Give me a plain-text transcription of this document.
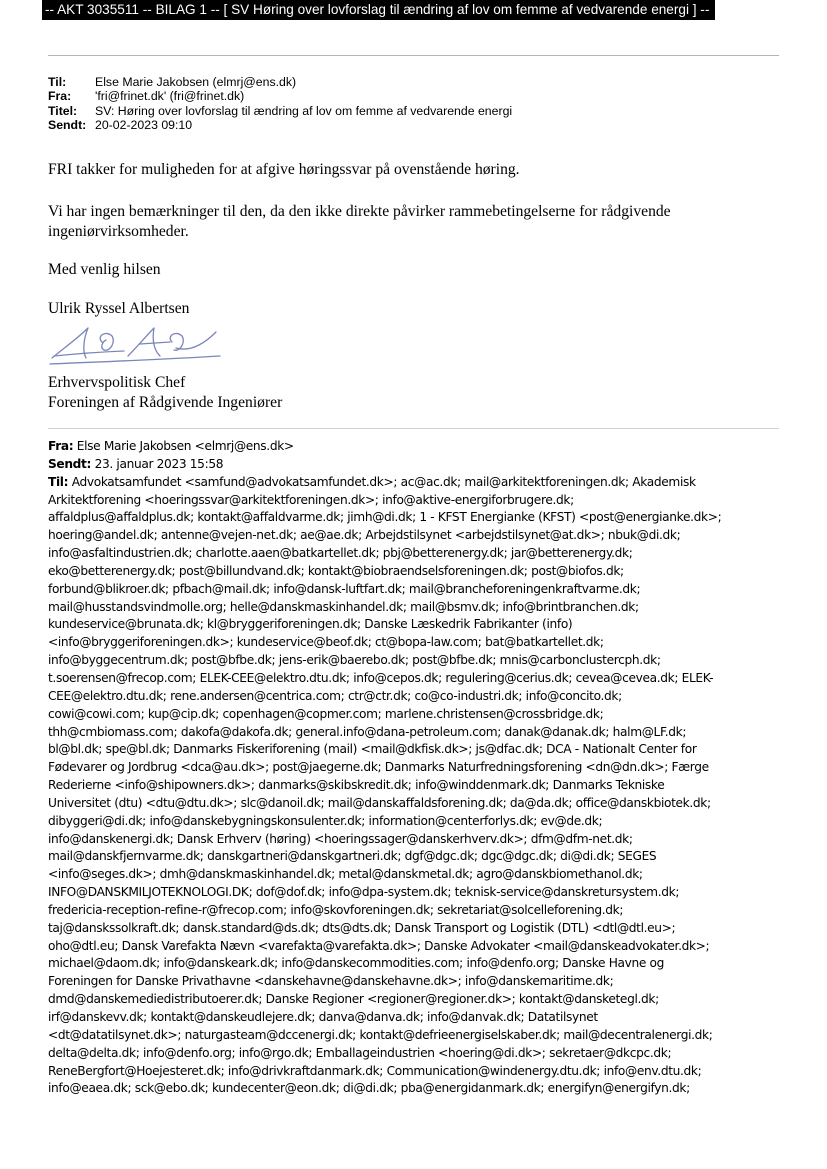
-- AKT 3035511 -- BILAG 1 -- [ SV Høring over lovforslag til ændring af lov om femme af vedvarende energi ] --
Til:	Else Marie Jakobsen (elmrj@ens.dk)
Fra:	'fri@frinet.dk' (fri@frinet.dk)
Titel:	SV: Høring over lovforslag til ændring af lov om femme af vedvarende energi
Sendt: 20-02-2023 09:10

FRI takker for muligheden for at afgive høringssvar på ovenstående høring.

Vi har ingen bemærkninger til den, da den ikke direkte påvirker rammebetingelserne for rådgivende

ingeniørvirksomheder.

Med venlig hilsen

Ulrik Ryssel Albertsen

Erhvervspolitisk Chef

Foreningen af Rådgivende Ingeniører

Fra: Else Marie Jakobsen <elmrj@ens.dk>
Sendt: 23. januar 2023 15:58
Til: Advokatsamfundet <samfund@advokatsamfundet.dk>; ac@ac.dk; mail@arkitektforeningen.dk; Akademisk
Arkitektforening <hoeringssvar@arkitektforeningen.dk>; info@aktive-energiforbrugere.dk;
affaldplus@affaldplus.dk; kontakt@affaldvarme.dk; jimh@di.dk; 1 - KFST Energianke (KFST) <post@energianke.dk>;
hoering@andel.dk; antenne@vejen-net.dk; ae@ae.dk; Arbejdstilsynet <arbejdstilsynet@at.dk>; nbuk@di.dk;
info@asfaltindustrien.dk; charlotte.aaen@batkartellet.dk; pbj@betterenergy.dk; jar@betterenergy.dk;
eko@betterenergy.dk; post@billundvand.dk; kontakt@biobraendselsforeningen.dk; post@biofos.dk;
forbund@blikroer.dk; pfbach@mail.dk; info@dansk-luftfart.dk; mail@brancheforeningenkraftvarme.dk;
mail@husstandsvindmolle.org; helle@danskmaskinhandel.dk; mail@bsmv.dk; info@brintbranchen.dk;
kundeservice@brunata.dk; kl@bryggeriforeningen.dk; Danske Læskedrik Fabrikanter (info)
<info@bryggeriforeningen.dk>; kundeservice@beof.dk; ct@bopa-law.com; bat@batkartellet.dk;
info@byggecentrum.dk; post@bfbe.dk; jens-erik@baerebo.dk; post@bfbe.dk; mnis@carbonclustercph.dk;
t.soerensen@frecop.com; ELEK-CEE@elektro.dtu.dk; info@cepos.dk; regulering@cerius.dk; cevea@cevea.dk; ELEK-
CEE@elektro.dtu.dk; rene.andersen@centrica.com; ctr@ctr.dk; co@co-industri.dk; info@concito.dk;
cowi@cowi.com; kup@cip.dk; copenhagen@copmer.com; marlene.christensen@crossbridge.dk;
thh@cmbiomass.com; dakofa@dakofa.dk; general.info@dana-petroleum.com; danak@danak.dk; halm@LF.dk;
bl@bl.dk; spe@bl.dk; Danmarks Fiskeriforening (mail) <mail@dkfisk.dk>; js@dfac.dk; DCA - Nationalt Center for
Fødevarer og Jordbrug <dca@au.dk>; post@jaegerne.dk; Danmarks Naturfredningsforening <dn@dn.dk>; Færge
Rederierne <info@shipowners.dk>; danmarks@skibskredit.dk; info@winddenmark.dk; Danmarks Tekniske
Universitet (dtu) <dtu@dtu.dk>; slc@danoil.dk; mail@danskaffaldsforening.dk; da@da.dk; office@danskbiotek.dk;
dibyggeri@di.dk; info@danskebygningskonsulenter.dk; information@centerforlys.dk; ev@de.dk;
info@danskenergi.dk; Dansk Erhverv (høring) <hoeringssager@danskerhverv.dk>; dfm@dfm-net.dk;
mail@danskfjernvarme.dk; danskgartneri@danskgartneri.dk; dgf@dgc.dk; dgc@dgc.dk; di@di.dk; SEGES
<info@seges.dk>; dmh@danskmaskinhandel.dk; metal@danskmetal.dk; agro@danskbiomethanol.dk;
INFO@DANSKMILJOTEKNOLOGI.DK; dof@dof.dk; info@dpa-system.dk; teknisk-service@danskretursystem.dk;
fredericia-reception-refine-r@frecop.com; info@skovforeningen.dk; sekretariat@solcelleforening.dk;
taj@danskssolkraft.dk; dansk.standard@ds.dk; dts@dts.dk; Dansk Transport og Logistik (DTL) <dtl@dtl.eu>;
oho@dtl.eu; Dansk Varefakta Nævn <varefakta@varefakta.dk>; Danske Advokater <mail@danskeadvokater.dk>;
michael@daom.dk; info@danskeark.dk; info@danskecommodities.com; info@denfo.org; Danske Havne og
Foreningen for Danske Privathavne <danskehavne@danskehavne.dk>; info@danskemaritime.dk;
dmd@danskemediedistributoerer.dk; Danske Regioner <regioner@regioner.dk>; kontakt@dansketegl.dk;
irf@danskevv.dk; kontakt@danskeudlejere.dk; danva@danva.dk; info@danvak.dk; Datatilsynet
<dt@datatilsynet.dk>; naturgasteam@dccenergi.dk; kontakt@defrieenergiselskaber.dk; mail@decentralenergi.dk;
delta@delta.dk; info@denfo.org; info@rgo.dk; Emballageindustrien <hoering@di.dk>; sekretaer@dkcpc.dk;
ReneBergfort@Hoejesteret.dk; info@drivkraftdanmark.dk; Communication@windenergy.dtu.dk; info@env.dtu.dk;
info@eaea.dk; sck@ebo.dk; kundecenter@eon.dk; di@di.dk; pba@energidanmark.dk; energifyn@energifyn.dk;
